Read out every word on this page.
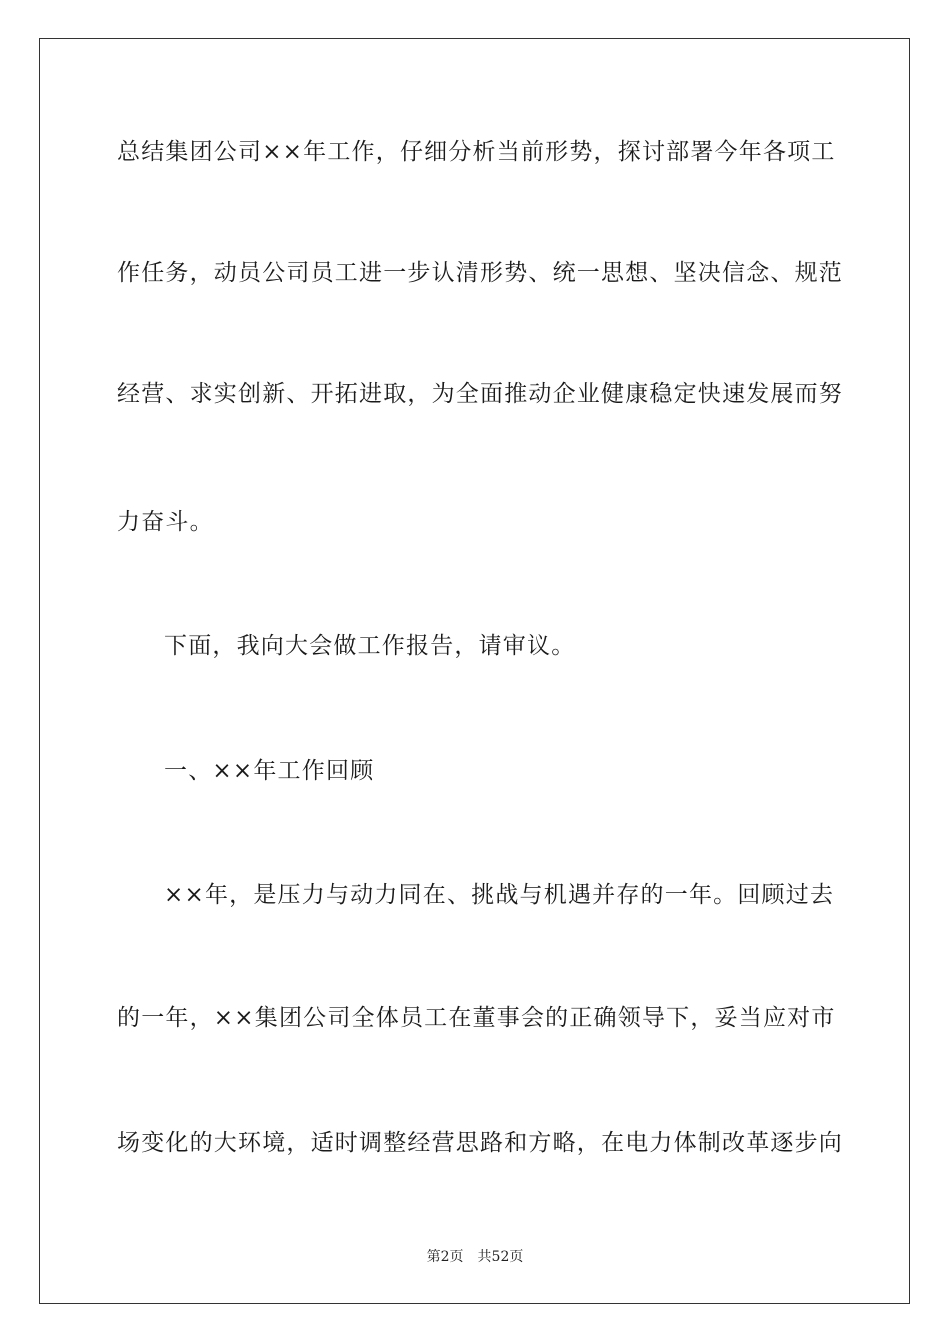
总结集团公司××年工作，仔细分析当前形势，探讨部署今年各项工
作任务，动员公司员工进一步认清形势、统一思想、坚决信念、规范
经营、求实创新、开拓进取，为全面推动企业健康稳定快速发展而努
力奋斗。
下面，我向大会做工作报告，请审议。
一、××年工作回顾
××年，是压力与动力同在、挑战与机遇并存的一年。回顾过去
的一年，××集团公司全体员工在董事会的正确领导下，妥当应对市
场变化的大环境，适时调整经营思路和方略，在电力体制改革逐步向
第2页 共52页
